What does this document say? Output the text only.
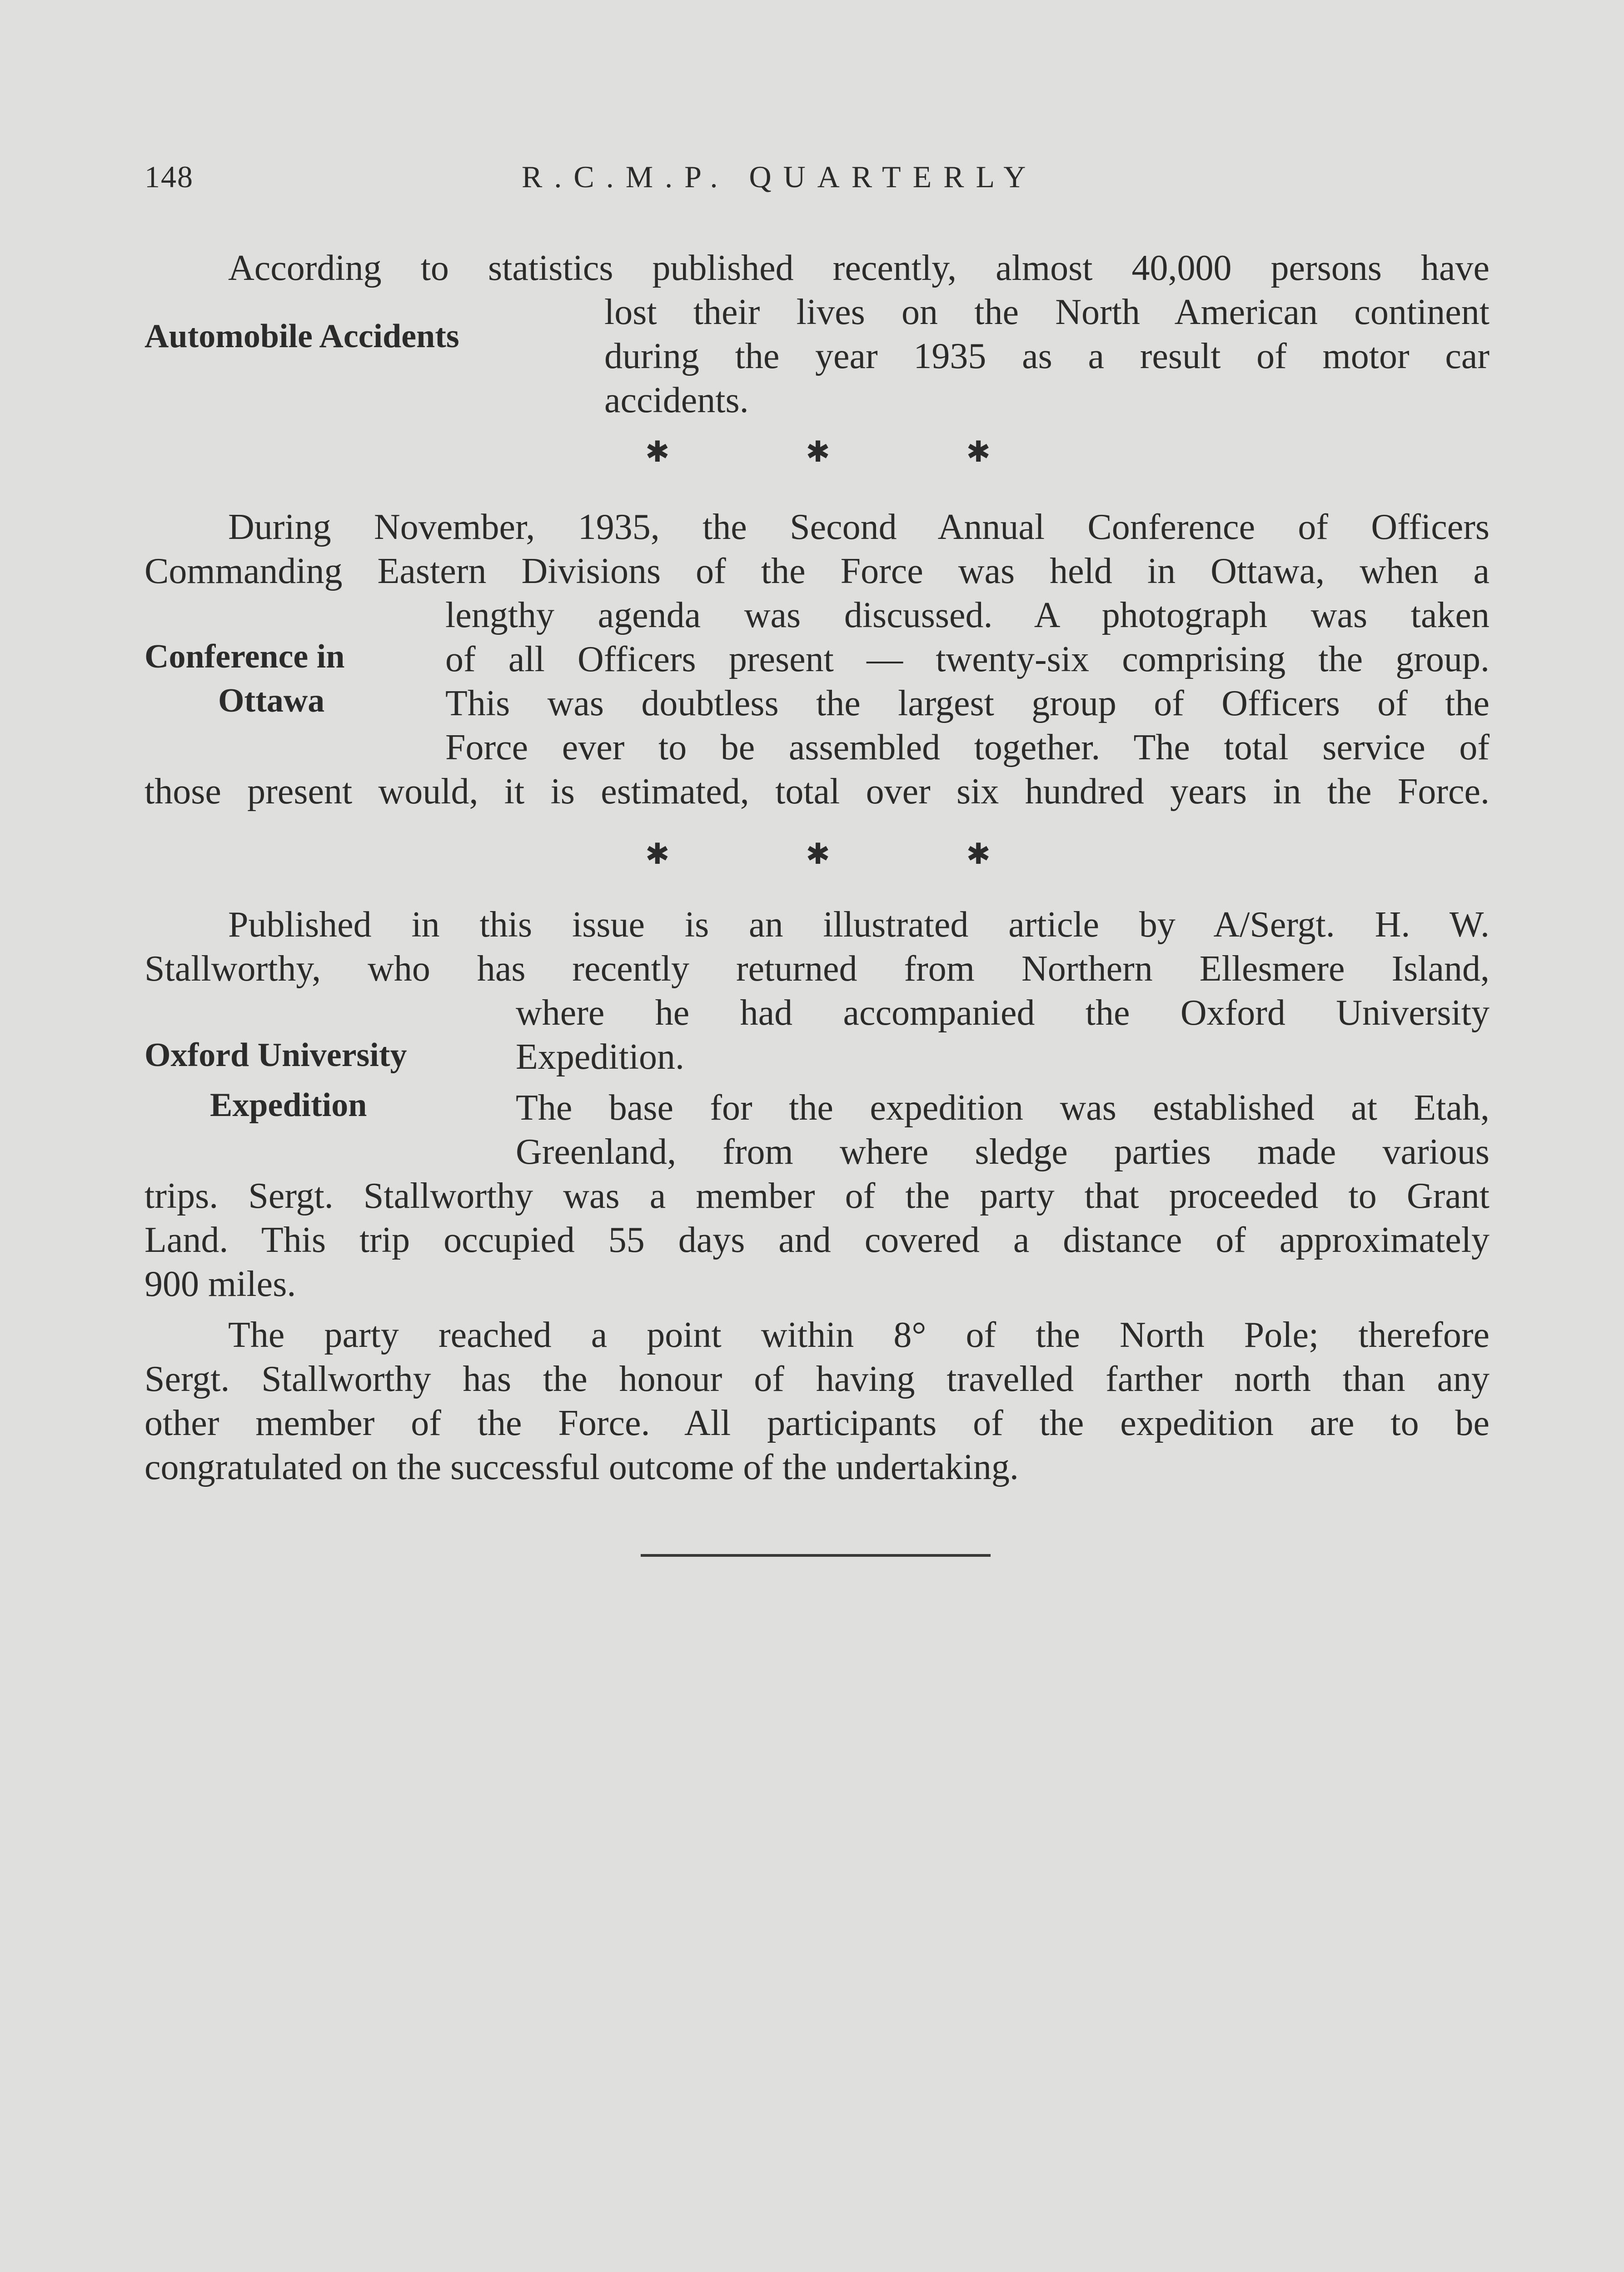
148	R.C.M.P. QUARTERLY
Automobile Accidents
According to statistics published recently, almost 40,000 persons have
lost their lives on the North American continent
during the year 1935 as a result of motor car
accidents.
✱	✱	✱
Conference in
Ottawa
During November, 1935, the Second Annual Conference of Officers
Commanding Eastern Divisions of the Force was held in Ottawa, when a
lengthy agenda was discussed. A photograph was taken
of all Officers present — twenty-six comprising the group.
This was doubtless the largest group of Officers of the
Force ever to be assembled together. The total service of
those present would, it is estimated, total over six hundred years in the Force.
✱	✱	✱
Oxford University
Expedition
Published in this issue is an illustrated article by A/Sergt. H. W.
Stallworthy, who has recently returned from Northern Ellesmere Island,
where he had accompanied the Oxford University
Expedition.
The base for the expedition was established at Etah,
Greenland, from where sledge parties made various
trips. Sergt. Stallworthy was a member of the party that proceeded to Grant
Land. This trip occupied 55 days and covered a distance of approximately
900 miles.
The party reached a point within 8° of the North Pole; therefore
Sergt. Stallworthy has the honour of having travelled farther north than any
other member of the Force. All participants of the expedition are to be
congratulated on the successful outcome of the undertaking.
